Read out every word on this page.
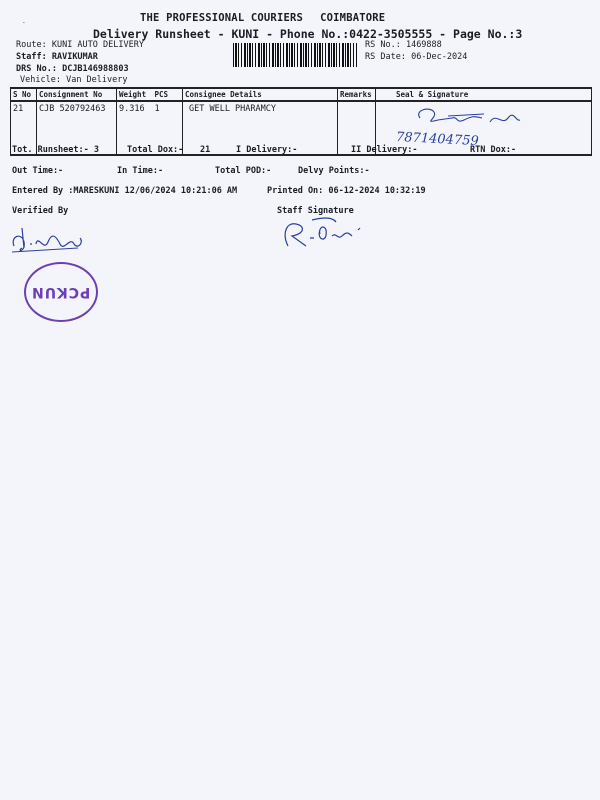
-	THE PROFESSIONAL COURIERS COIMBATORE
Delivery Runsheet - KUNI - Phone No.:0422-3505555 - Page No.:3
Route: KUNI AUTO DELIVERY
Staff: RAVIKUMAR
DRS No.: DCJB146988803
Vehicle: Van Delivery
RS No.: 1469888
RS Date: 06-Dec-2024
S No	Consignment No	Weight	PCS	Consignee Details	Remarks	Seal & Signature
21	CJB 520792463	9.316	1	GET WELL PHARAMCY		7871404759
Tot. Runsheet:- 3	Total Dox:- 21	I Delivery:-	II Delivery:-	RTN Dox:-
Out Time:-	In Time:-	Total POD:-	Delvy Points:-
Entered By :MARESKUNI 12/06/2024 10:21:06 AM	Printed On: 06-12-2024 10:32:19
Verified By	Staff Signature
PCKUN
